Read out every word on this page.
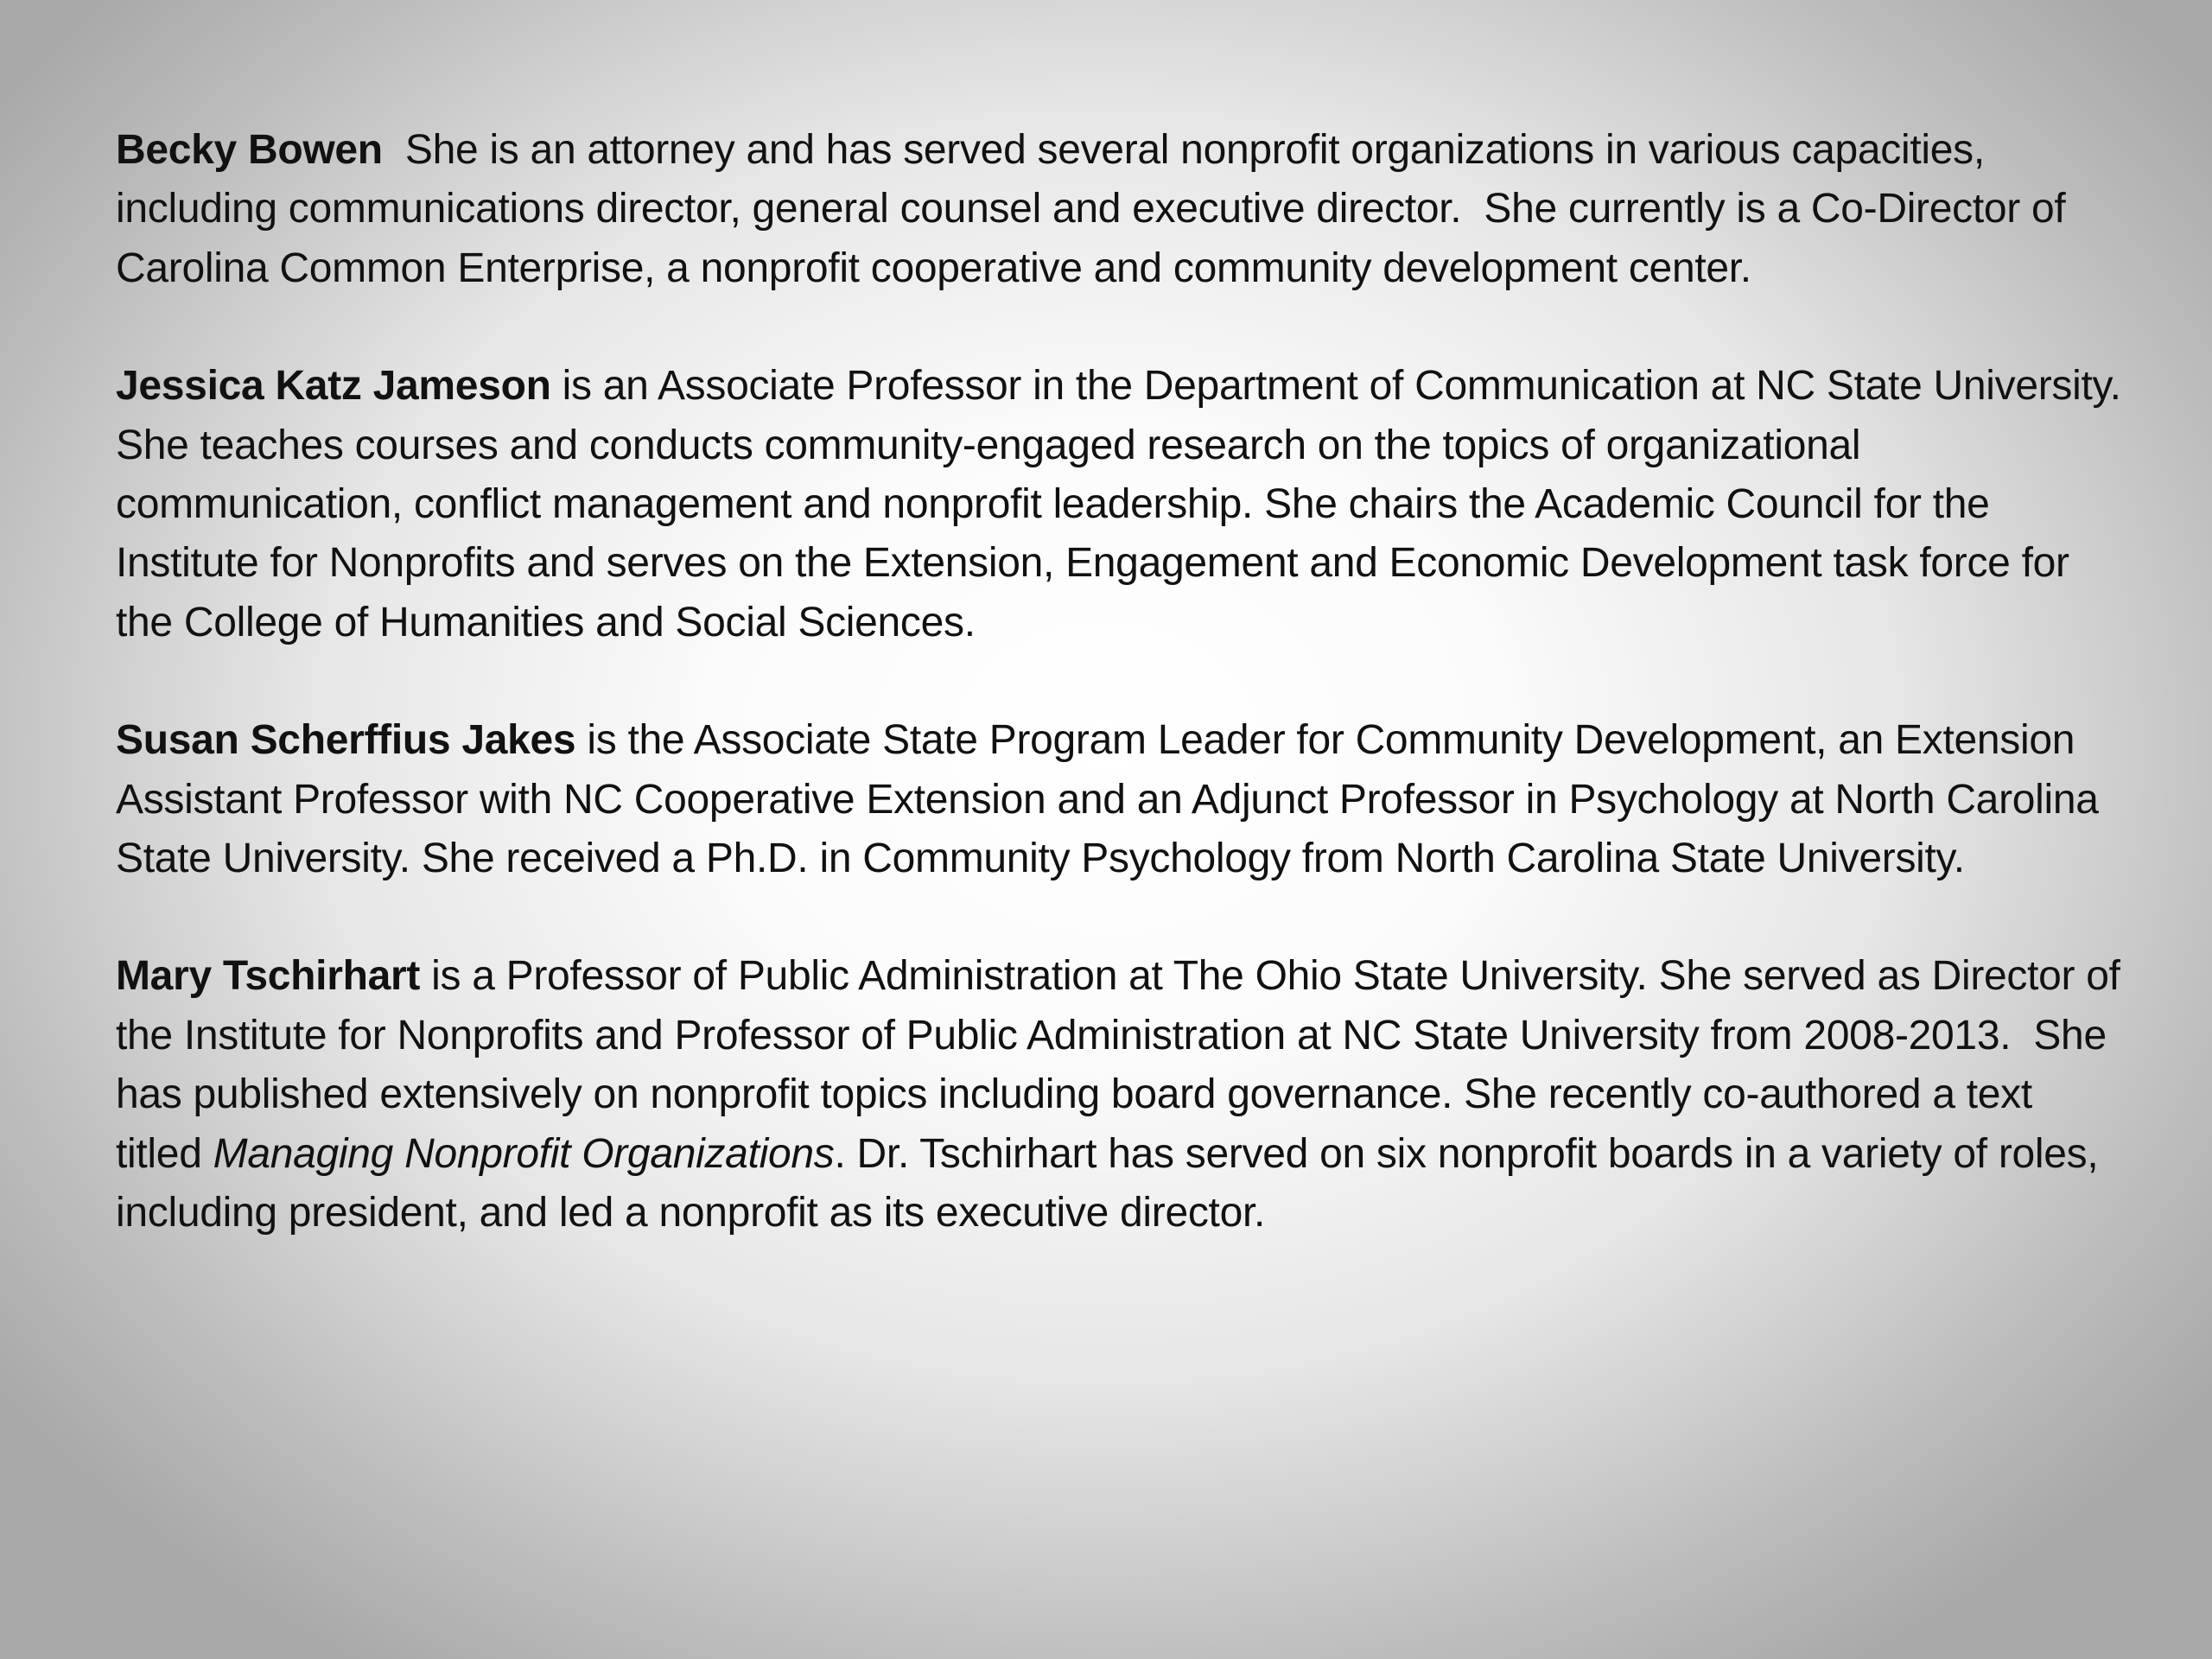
Becky Bowen  She is an attorney and has served several nonprofit organizations in various capacities, including communications director, general counsel and executive director.  She currently is a Co-Director of Carolina Common Enterprise, a nonprofit cooperative and community development center.

Jessica Katz Jameson is an Associate Professor in the Department of Communication at NC State University. She teaches courses and conducts community-engaged research on the topics of organizational communication, conflict management and nonprofit leadership. She chairs the Academic Council for the Institute for Nonprofits and serves on the Extension, Engagement and Economic Development task force for the College of Humanities and Social Sciences.

Susan Scherffius Jakes is the Associate State Program Leader for Community Development, an Extension Assistant Professor with NC Cooperative Extension and an Adjunct Professor in Psychology at North Carolina State University. She received a Ph.D. in Community Psychology from North Carolina State University.

Mary Tschirhart is a Professor of Public Administration at The Ohio State University. She served as Director of the Institute for Nonprofits and Professor of Public Administration at NC State University from 2008-2013.  She has published extensively on nonprofit topics including board governance. She recently co-authored a text titled Managing Nonprofit Organizations. Dr. Tschirhart has served on six nonprofit boards in a variety of roles, including president, and led a nonprofit as its executive director.
